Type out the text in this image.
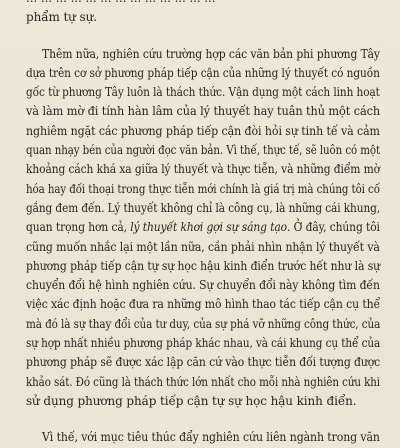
phẩm tự sự.
Thêm nữa, nghiên cứu trường hợp các văn bản phi phương Tây
dựa trên cơ sở phương pháp tiếp cận của những lý thuyết có nguồn
gốc từ phương Tây luôn là thách thức. Vận dụng một cách linh hoạt
và làm mờ đi tính hàn lâm của lý thuyết hay tuân thủ một cách
nghiêm ngặt các phương pháp tiếp cận đòi hỏi sự tinh tế và cảm
quan nhạy bén của người đọc văn bản. Vì thế, thực tế, sẽ luôn có một
khoảng cách khá xa giữa lý thuyết và thực tiễn, và những điểm mờ
hóa hay đối thoại trong thực tiễn mới chính là giá trị mà chúng tôi cố
gắng đem đến. Lý thuyết không chỉ là công cụ, là những cái khung,
quan trọng hơn cả, lý thuyết khơi gợi sự sáng tạo. Ở đây, chúng tôi
cũng muốn nhắc lại một lần nữa, cần phải nhìn nhận lý thuyết và
phương pháp tiếp cận tự sự học hậu kinh điển trước hết như là sự
chuyển đổi hệ hình nghiên cứu. Sự chuyển đổi này không tìm đến
việc xác định hoặc đưa ra những mô hình thao tác tiếp cận cụ thể
mà đó là sự thay đổi của tư duy, của sự phá vỡ những công thức, của
sự hợp nhất nhiều phương pháp khác nhau, và cái khung cụ thể của
phương pháp sẽ được xác lập căn cứ vào thực tiễn đối tượng được
khảo sát. Đó cũng là thách thức lớn nhất cho mỗi nhà nghiên cứu khi
sử dụng phương pháp tiếp cận tự sự học hậu kinh điển.
Vì thế, với mục tiêu thúc đẩy nghiên cứu liên ngành trong văn
